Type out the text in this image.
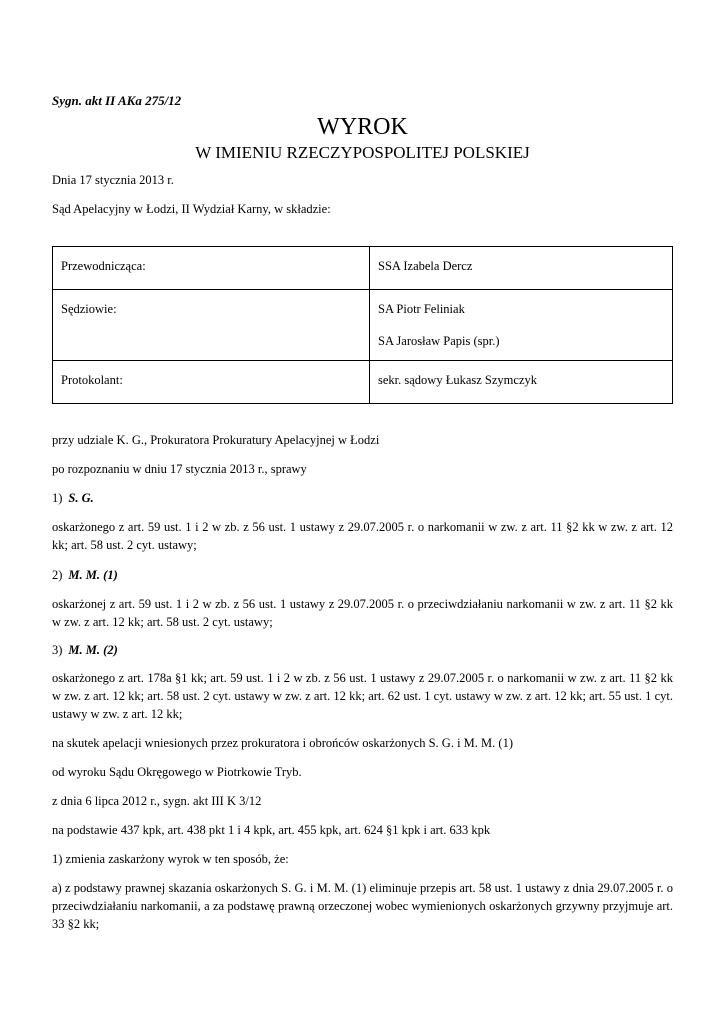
Sygn. akt II AKa 275/12
WYROK
W IMIENIU RZECZYPOSPOLITEJ POLSKIEJ

Dnia 17 stycznia 2013 r.

Sąd Apelacyjny w Łodzi, II Wydział Karny, w składzie:

Przewodnicząca:	SSA Izabela Dercz
Sędziowie:	SA Piotr Feliniak
SA Jarosław Papis (spr.)

Protokolant:	sekr. sądowy Łukasz Szymczyk

przy udziale K. G., Prokuratora Prokuratury Apelacyjnej w Łodzi

po rozpoznaniu w dniu 17 stycznia 2013 r., sprawy

1) S. G.

oskarżonego z art. 59 ust. 1 i 2 w zb. z 56 ust. 1 ustawy z 29.07.2005 r. o narkomanii w zw. z art. 11 §2 kk w zw. z art. 12 kk; art. 58 ust. 2 cyt. ustawy;

2) M. M. (1)

oskarżonej z art. 59 ust. 1 i 2 w zb. z 56 ust. 1 ustawy z 29.07.2005 r. o przeciwdziałaniu narkomanii w zw. z art. 11 §2 kk w zw. z art. 12 kk; art. 58 ust. 2 cyt. ustawy;

3) M. M. (2)

oskarżonego z art. 178a §1 kk; art. 59 ust. 1 i 2 w zb. z 56 ust. 1 ustawy z 29.07.2005 r. o narkomanii w zw. z art. 11 §2 kk w zw. z art. 12 kk; art. 58 ust. 2 cyt. ustawy w zw. z art. 12 kk; art. 62 ust. 1 cyt. ustawy w zw. z art. 12 kk; art. 55 ust. 1 cyt. ustawy w zw. z art. 12 kk;

na skutek apelacji wniesionych przez prokuratora i obrońców oskarżonych S. G. i M. M. (1)

od wyroku Sądu Okręgowego w Piotrkowie Tryb.

z dnia 6 lipca 2012 r., sygn. akt III K 3/12

na podstawie 437 kpk, art. 438 pkt 1 i 4 kpk, art. 455 kpk, art. 624 §1 kpk i art. 633 kpk

1) zmienia zaskarżony wyrok w ten sposób, że:

a) z podstawy prawnej skazania oskarżonych S. G. i M. M. (1) eliminuje przepis art. 58 ust. 1 ustawy z dnia 29.07.2005 r. o przeciwdziałaniu narkomanii, a za podstawę prawną orzeczonej wobec wymienionych oskarżonych grzywny przyjmuje art. 33 §2 kk;
